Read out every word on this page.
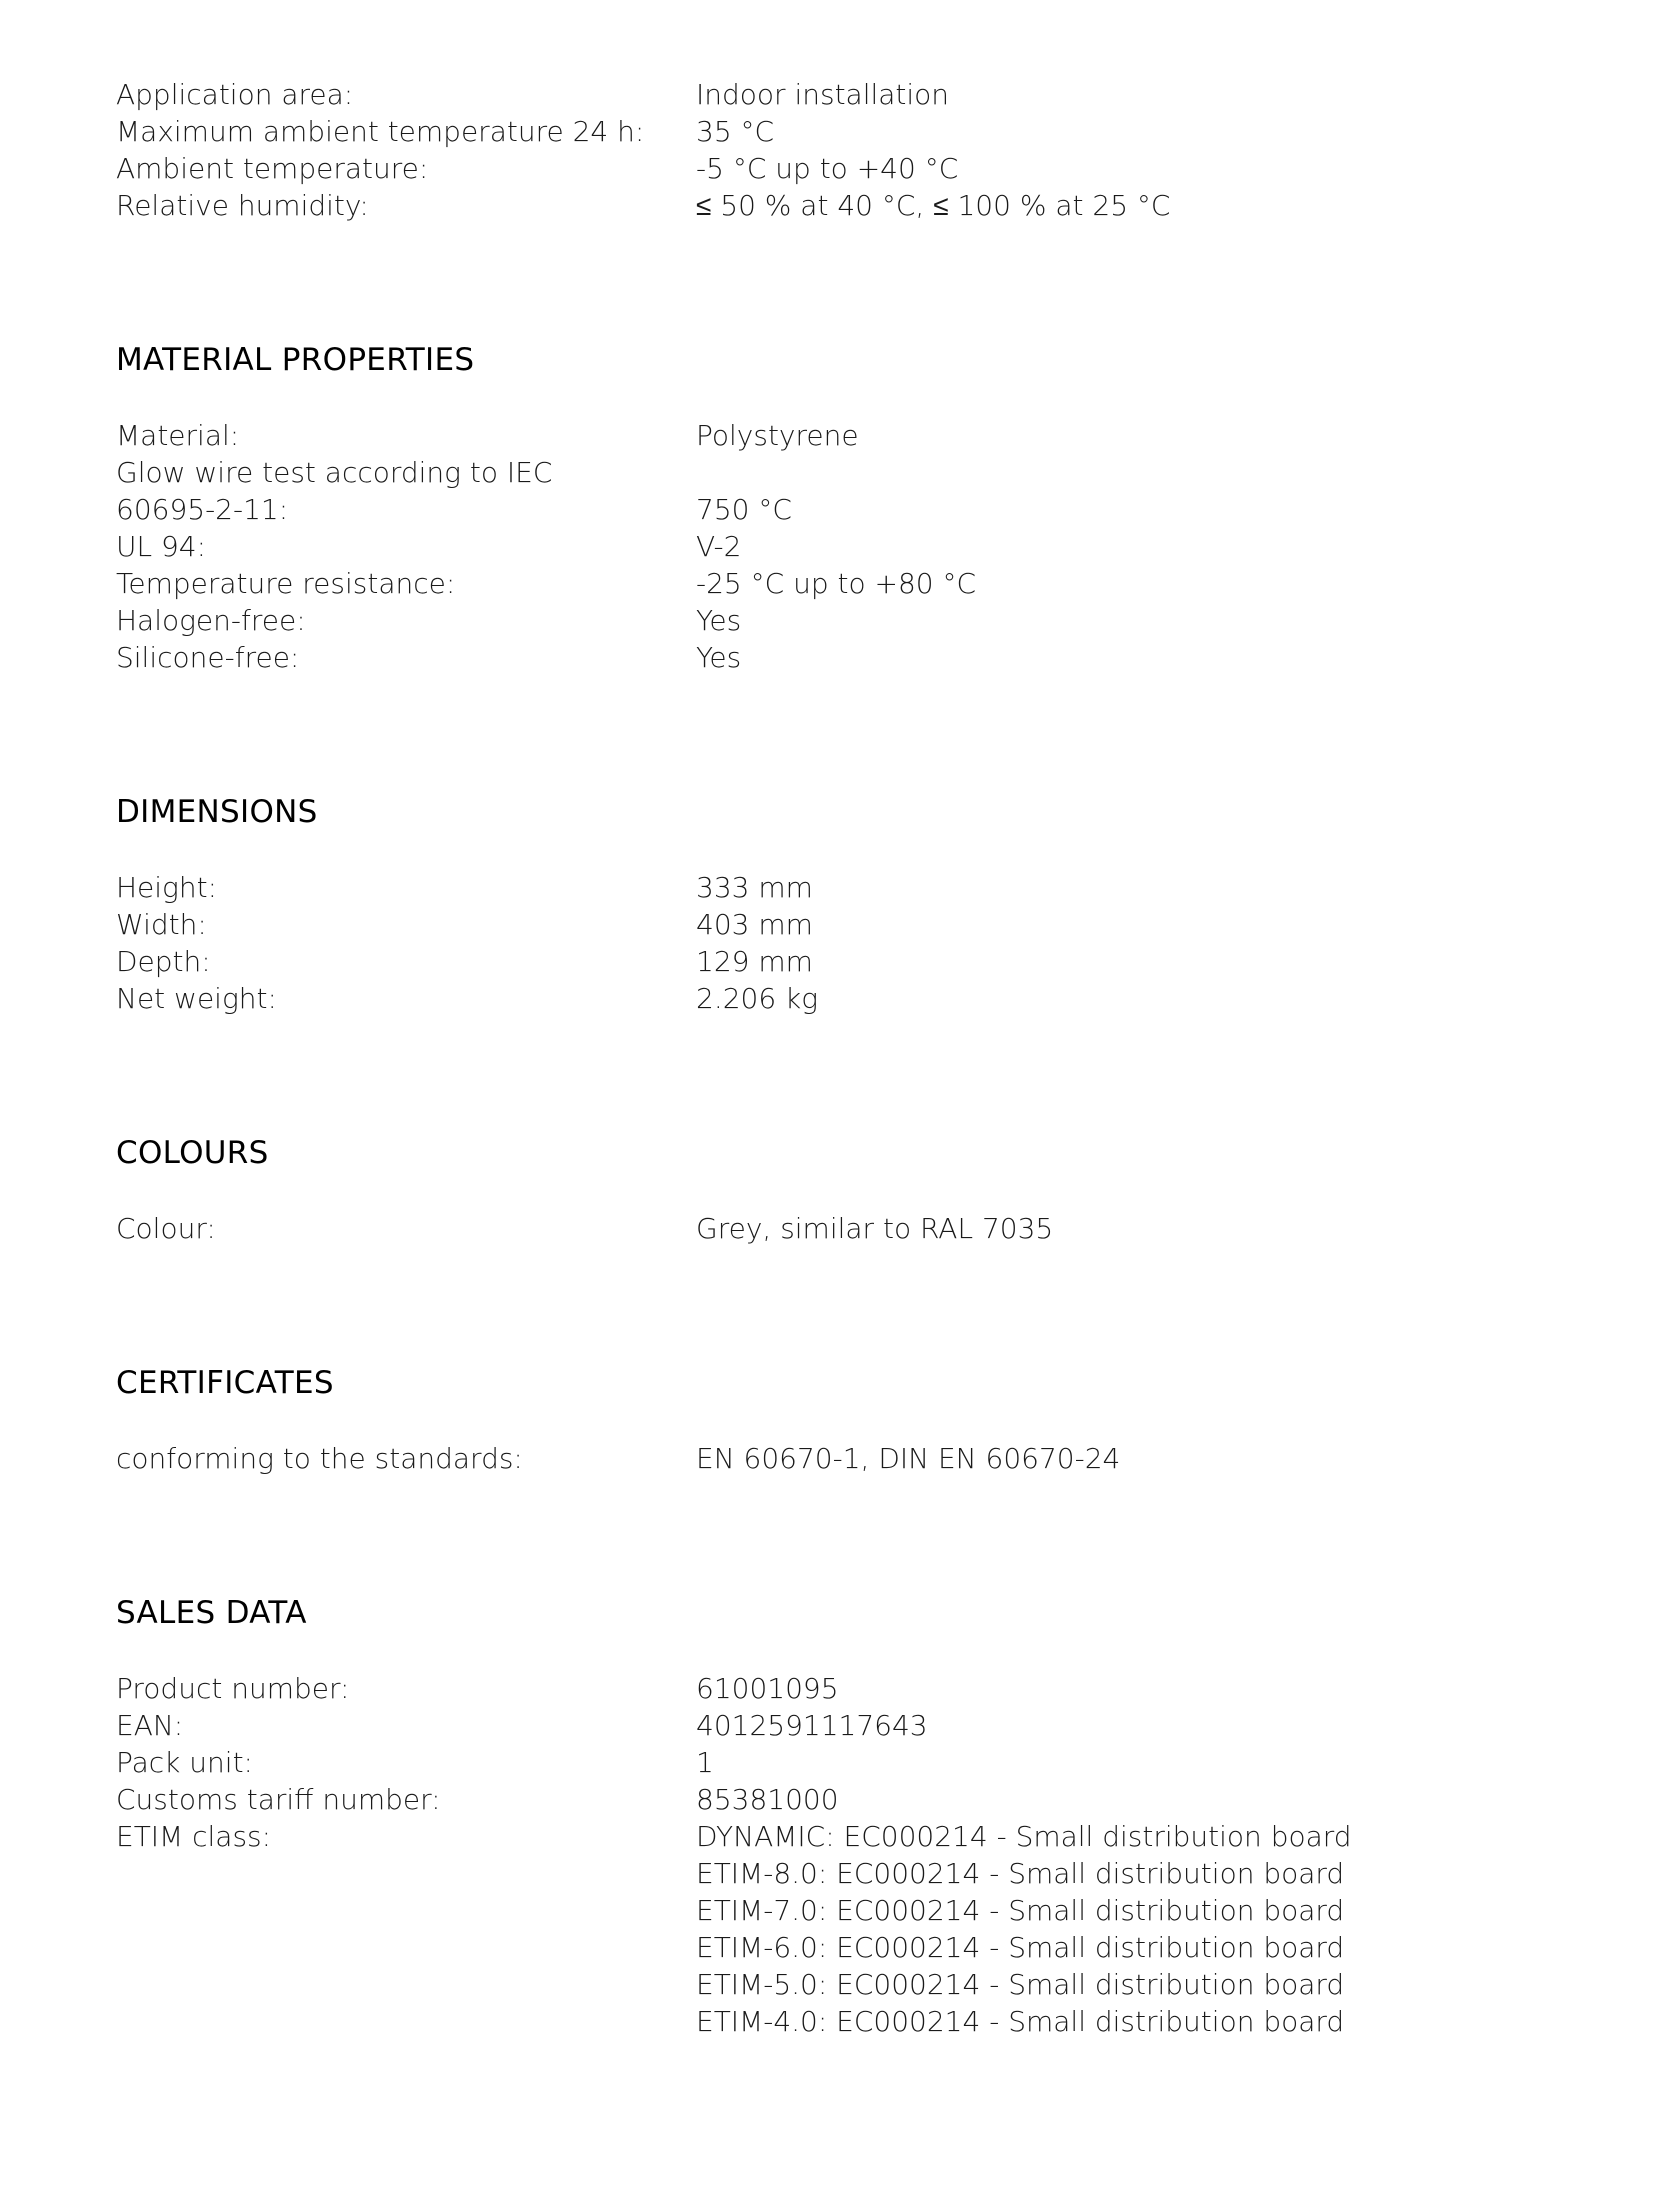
Application area:	Indoor installation
Maximum ambient temperature 24 h: 35 °C
Ambient temperature:	-5 °C up to +40 °C
Relative humidity:	≤ 50 % at 40 °C, ≤ 100 % at 25 °C
MATERIAL PROPERTIES
Material:	Polystyrene
Glow wire test according to IEC
60695-2-11:	750 °C
UL 94:	V-2
Temperature resistance:	-25 °C up to +80 °C
Halogen-free:	Yes
Silicone-free:	Yes
DIMENSIONS
Height:	333 mm
Width:	403 mm
Depth:	129 mm
Net weight:	2.206 kg
COLOURS
Colour:	Grey, similar to RAL 7035
CERTIFICATES
conforming to the standards:	EN 60670-1, DIN EN 60670-24
SALES DATA
Product number:	61001095
EAN:	4012591117643
Pack unit:	1
Customs tariff number:	85381000
ETIM class:	DYNAMIC: EC000214 - Small distribution board
ETIM-8.0: EC000214 - Small distribution board
ETIM-7.0: EC000214 - Small distribution board
ETIM-6.0: EC000214 - Small distribution board
ETIM-5.0: EC000214 - Small distribution board
ETIM-4.0: EC000214 - Small distribution board
